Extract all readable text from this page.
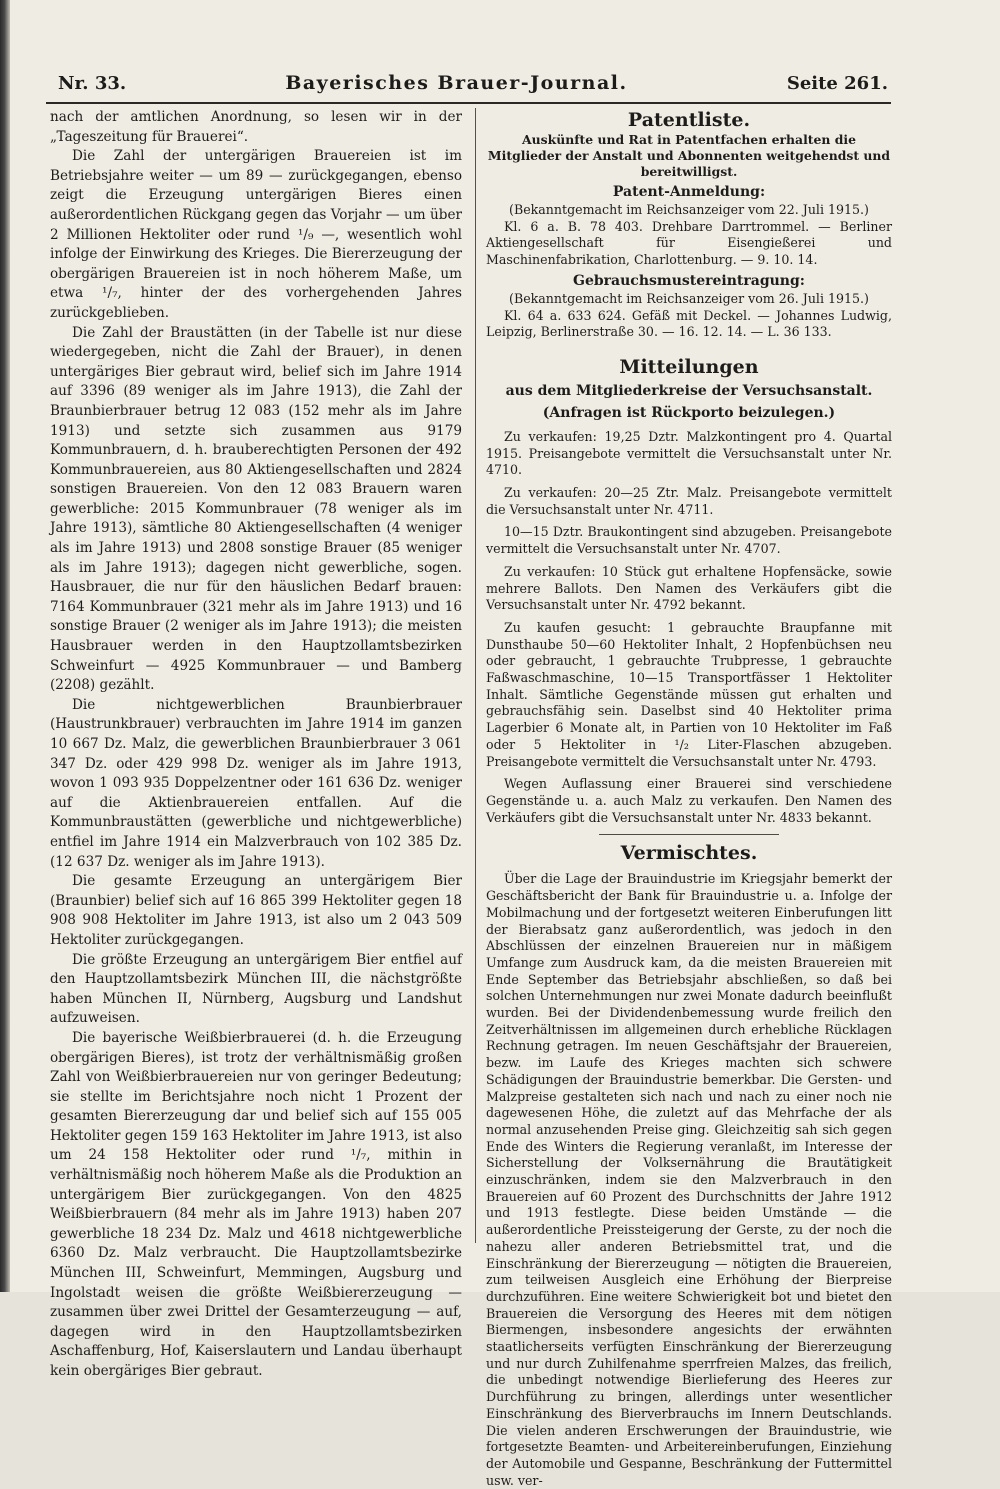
Nr. 33.	Bayerisches Brauer-Journal.	Seite 261.

nach der amtlichen Anordnung, so lesen wir in der „Tageszeitung für Brauerei“.

Die Zahl der untergärigen Brauereien ist im Betriebsjahre weiter — um 89 — zurückgegangen, ebenso zeigt die Erzeugung untergärigen Bieres einen außerordentlichen Rückgang gegen das Vorjahr — um über 2 Millionen Hektoliter oder rund ¹/₉ —, wesentlich wohl infolge der Einwirkung des Krieges. Die Biererzeugung der obergärigen Brauereien ist in noch höherem Maße, um etwa ¹/₇, hinter der des vorhergehenden Jahres zurückgeblieben.

Die Zahl der Braustätten (in der Tabelle ist nur diese wiedergegeben, nicht die Zahl der Brauer), in denen untergäriges Bier gebraut wird, belief sich im Jahre 1914 auf 3396 (89 weniger als im Jahre 1913), die Zahl der Braunbierbrauer betrug 12 083 (152 mehr als im Jahre 1913) und setzte sich zusammen aus 9179 Kommunbrauern, d. h. brauberechtigten Personen der 492 Kommunbrauereien, aus 80 Aktiengesellschaften und 2824 sonstigen Brauereien. Von den 12 083 Brauern waren gewerbliche: 2015 Kommunbrauer (78 weniger als im Jahre 1913), sämtliche 80 Aktiengesellschaften (4 weniger als im Jahre 1913) und 2808 sonstige Brauer (85 weniger als im Jahre 1913); dagegen nicht gewerbliche, sogen. Hausbrauer, die nur für den häuslichen Bedarf brauen: 7164 Kommunbrauer (321 mehr als im Jahre 1913) und 16 sonstige Brauer (2 weniger als im Jahre 1913); die meisten Hausbrauer werden in den Hauptzollamtsbezirken Schweinfurt — 4925 Kommunbrauer — und Bamberg (2208) gezählt.

Die nichtgewerblichen Braunbierbrauer (Haustrunkbrauer) verbrauchten im Jahre 1914 im ganzen 10 667 Dz. Malz, die gewerblichen Braunbierbrauer 3 061 347 Dz. oder 429 998 Dz. weniger als im Jahre 1913, wovon 1 093 935 Doppelzentner oder 161 636 Dz. weniger auf die Aktienbrauereien entfallen. Auf die Kommunbraustätten (gewerbliche und nichtgewerbliche) entfiel im Jahre 1914 ein Malzverbrauch von 102 385 Dz. (12 637 Dz. weniger als im Jahre 1913).

Die gesamte Erzeugung an untergärigem Bier (Braunbier) belief sich auf 16 865 399 Hektoliter gegen 18 908 908 Hektoliter im Jahre 1913, ist also um 2 043 509 Hektoliter zurückgegangen.

Die größte Erzeugung an untergärigem Bier entfiel auf den Hauptzollamtsbezirk München III, die nächstgrößte haben München II, Nürnberg, Augsburg und Landshut aufzuweisen.

Die bayerische Weißbierbrauerei (d. h. die Erzeugung obergärigen Bieres), ist trotz der verhältnismäßig großen Zahl von Weißbierbrauereien nur von geringer Bedeutung; sie stellte im Berichtsjahre noch nicht 1 Prozent der gesamten Biererzeugung dar und belief sich auf 155 005 Hektoliter gegen 159 163 Hektoliter im Jahre 1913, ist also um 24 158 Hektoliter oder rund ¹/₇, mithin in verhältnismäßig noch höherem Maße als die Produktion an untergärigem Bier zurückgegangen. Von den 4825 Weißbierbrauern (84 mehr als im Jahre 1913) haben 207 gewerbliche 18 234 Dz. Malz und 4618 nichtgewerbliche 6360 Dz. Malz verbraucht. Die Hauptzollamtsbezirke München III, Schweinfurt, Memmingen, Augsburg und Ingolstadt weisen die größte Weißbiererzeugung — zusammen über zwei Drittel der Gesamterzeugung — auf, dagegen wird in den Hauptzollamtsbezirken Aschaffenburg, Hof, Kaiserslautern und Landau überhaupt kein obergäriges Bier gebraut.

Patentliste.
Auskünfte und Rat in Patentfachen erhalten die Mitglieder der Anstalt und Abonnenten weitgehendst und bereitwilligst.
Patent-Anmeldung:
(Bekanntgemacht im Reichsanzeiger vom 22. Juli 1915.)

Kl. 6 a. B. 78 403. Drehbare Darrtrommel. — Berliner Aktiengesellschaft für Eisengießerei und Maschinenfabrikation, Charlottenburg. — 9. 10. 14.

Gebrauchsmustereintragung:
(Bekanntgemacht im Reichsanzeiger vom 26. Juli 1915.)

Kl. 64 a. 633 624. Gefäß mit Deckel. — Johannes Ludwig, Leipzig, Berlinerstraße 30. — 16. 12. 14. — L. 36 133.

Mitteilungen
aus dem Mitgliederkreise der Versuchsanstalt.
(Anfragen ist Rückporto beizulegen.)

Zu verkaufen: 19,25 Dztr. Malzkontingent pro 4. Quartal 1915. Preisangebote vermittelt die Versuchsanstalt unter Nr. 4710.

Zu verkaufen: 20—25 Ztr. Malz. Preisangebote vermittelt die Versuchsanstalt unter Nr. 4711.

10—15 Dztr. Braukontingent sind abzugeben. Preisangebote vermittelt die Versuchsanstalt unter Nr. 4707.

Zu verkaufen: 10 Stück gut erhaltene Hopfensäcke, sowie mehrere Ballots. Den Namen des Verkäufers gibt die Versuchsanstalt unter Nr. 4792 bekannt.

Zu kaufen gesucht: 1 gebrauchte Braupfanne mit Dunsthaube 50—60 Hektoliter Inhalt, 2 Hopfenbüchsen neu oder gebraucht, 1 gebrauchte Trubpresse, 1 gebrauchte Faßwaschmaschine, 10—15 Transportfässer 1 Hektoliter Inhalt. Sämtliche Gegenstände müssen gut erhalten und gebrauchsfähig sein. Daselbst sind 40 Hektoliter prima Lagerbier 6 Monate alt, in Partien von 10 Hektoliter im Faß oder 5 Hektoliter in ¹/₂ Liter-Flaschen abzugeben. Preisangebote vermittelt die Versuchsanstalt unter Nr. 4793.

Wegen Auflassung einer Brauerei sind verschiedene Gegenstände u. a. auch Malz zu verkaufen. Den Namen des Verkäufers gibt die Versuchsanstalt unter Nr. 4833 bekannt.

Vermischtes.

Über die Lage der Brauindustrie im Kriegsjahr bemerkt der Geschäftsbericht der Bank für Brauindustrie u. a. Infolge der Mobilmachung und der fortgesetzt weiteren Einberufungen litt der Bierabsatz ganz außerordentlich, was jedoch in den Abschlüssen der einzelnen Brauereien nur in mäßigem Umfange zum Ausdruck kam, da die meisten Brauereien mit Ende September das Betriebsjahr abschließen, so daß bei solchen Unternehmungen nur zwei Monate dadurch beeinflußt wurden. Bei der Dividendenbemessung wurde freilich den Zeitverhältnissen im allgemeinen durch erhebliche Rücklagen Rechnung getragen. Im neuen Geschäftsjahr der Brauereien, bezw. im Laufe des Krieges machten sich schwere Schädigungen der Brauindustrie bemerkbar. Die Gersten- und Malzpreise gestalteten sich nach und nach zu einer noch nie dagewesenen Höhe, die zuletzt auf das Mehrfache der als normal anzusehenden Preise ging. Gleichzeitig sah sich gegen Ende des Winters die Regierung veranlaßt, im Interesse der Sicherstellung der Volksernährung die Brautätigkeit einzuschränken, indem sie den Malzverbrauch in den Brauereien auf 60 Prozent des Durchschnitts der Jahre 1912 und 1913 festlegte. Diese beiden Umstände — die außerordentliche Preissteigerung der Gerste, zu der noch die nahezu aller anderen Betriebsmittel trat, und die Einschränkung der Biererzeugung — nötigten die Brauereien, zum teilweisen Ausgleich eine Erhöhung der Bierpreise durchzuführen. Eine weitere Schwierigkeit bot und bietet den Brauereien die Versorgung des Heeres mit dem nötigen Biermengen, insbesondere angesichts der erwähnten staatlicherseits verfügten Einschränkung der Biererzeugung und nur durch Zuhilfenahme sperrfreien Malzes, das freilich, die unbedingt notwendige Bierlieferung des Heeres zur Durchführung zu bringen, allerdings unter wesentlicher Einschränkung des Bierverbrauchs im Innern Deutschlands. Die vielen anderen Erschwerungen der Brauindustrie, wie fortgesetzte Beamten- und Arbeitereinberufungen, Einziehung der Automobile und Gespanne, Beschränkung der Futtermittel usw. ver-
